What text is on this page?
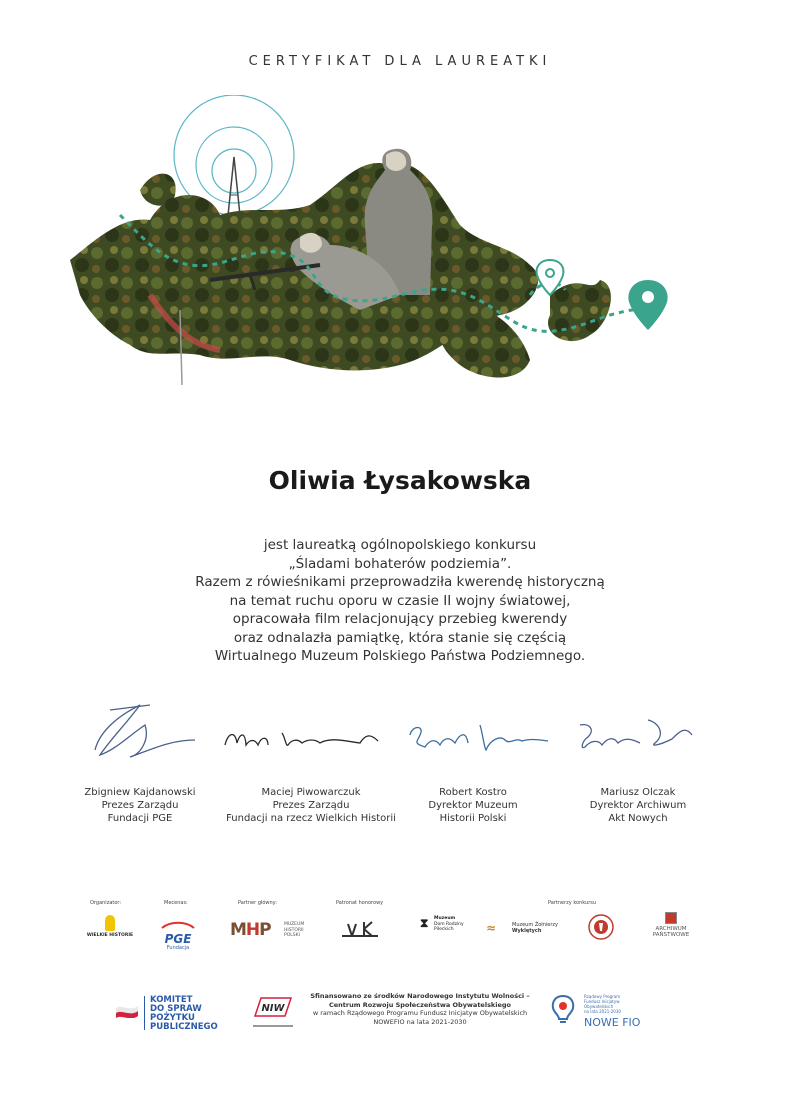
CERTYFIKAT DLA LAUREATKI
Oliwia Łysakowska
jest laureatką ogólnopolskiego konkursu
„Śladami bohaterów podziemia”.
Razem z rówieśnikami przeprowadziła kwerendę historyczną
na temat ruchu oporu w czasie II wojny światowej,
opracowała film relacjonujący przebieg kwerendy
oraz odnalazła pamiątkę, która stanie się częścią
Wirtualnego Muzeum Polskiego Państwa Podziemnego.
Zbigniew Kajdanowski
Prezes Zarządu
Fundacji PGE
Maciej Piwowarczuk
Prezes Zarządu
Fundacji na rzecz Wielkich Historii
Robert Kostro
Dyrektor Muzeum
Historii Polski
Mariusz Olczak
Dyrektor Archiwum
Akt Nowych
Organizator:	Mecenas:	Partner główny:	Patronat honorowy	Partnerzy konkursu
WIELKIE HISTORIE	PGE
Fundacja
MHP	MUZEUM
HISTORII
POLSKI
⧗ Muzeum
Dom Rodziny
Pileckich	≈	Muzeum Żołnierzy
Wyklętych	ARCHIWUM
PAŃSTWOWE
KOMITET
DO SPRAW
POŻYTKU
PUBLICZNEGO
NIW
Sfinansowano ze środków Narodowego Instytutu Wolności –
Centrum Rozwoju Społeczeństwa Obywatelskiego
w ramach Rządowego Programu Fundusz Inicjatyw Obywatelskich
NOWEFIO na lata 2021-2030
Rządowy Program
Fundusz Inicjatyw
Obywatelskich
na lata 2021-2030
NOWE FIO
